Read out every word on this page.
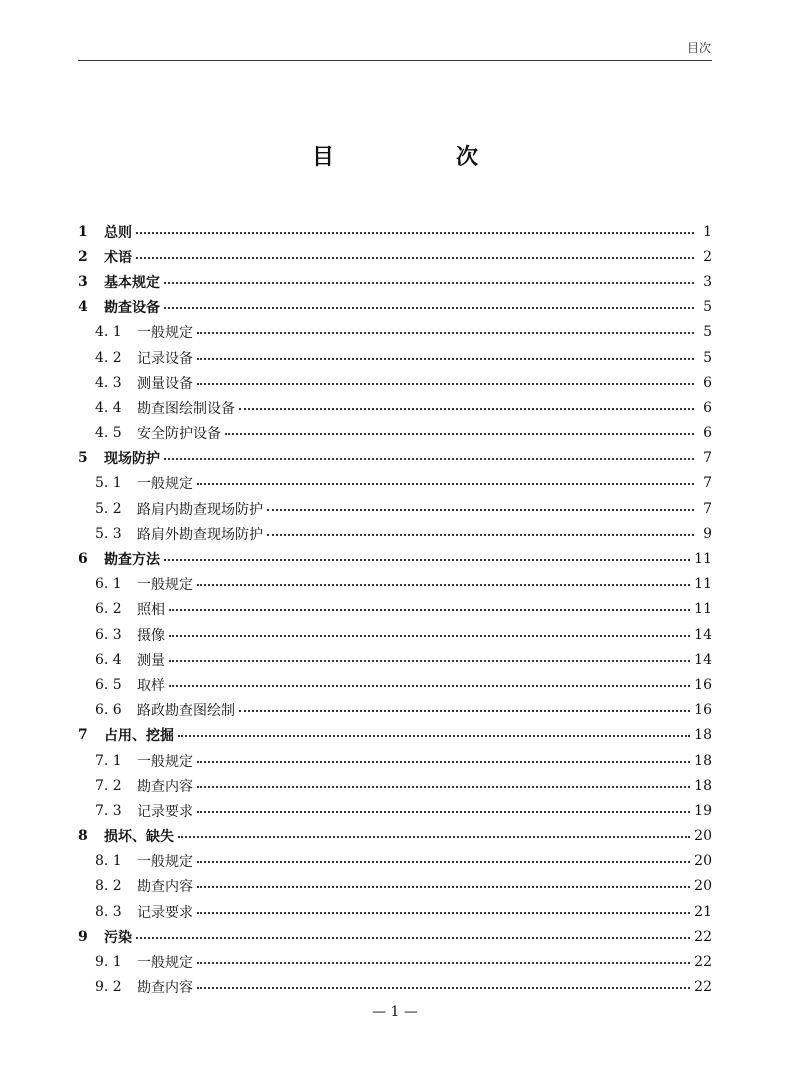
目次
目　次
1	总则	1
2	术语	2
3	基本规定	3
4	勘查设备	5
4. 1	一般规定	5
4. 2	记录设备	5
4. 3	测量设备	6
4. 4	勘查图绘制设备	6
4. 5	安全防护设备	6
5	现场防护	7
5. 1	一般规定	7
5. 2	路肩内勘查现场防护	7
5. 3	路肩外勘查现场防护	9
6	勘查方法	11
6. 1	一般规定	11
6. 2	照相	11
6. 3	摄像	14
6. 4	测量	14
6. 5	取样	16
6. 6	路政勘查图绘制	16
7	占用、挖掘	18
7. 1	一般规定	18
7. 2	勘查内容	18
7. 3	记录要求	19
8	损坏、缺失	20
8. 1	一般规定	20
8. 2	勘查内容	20
8. 3	记录要求	21
9	污染	22
9. 1	一般规定	22
9. 2	勘查内容	22
— 1 —
